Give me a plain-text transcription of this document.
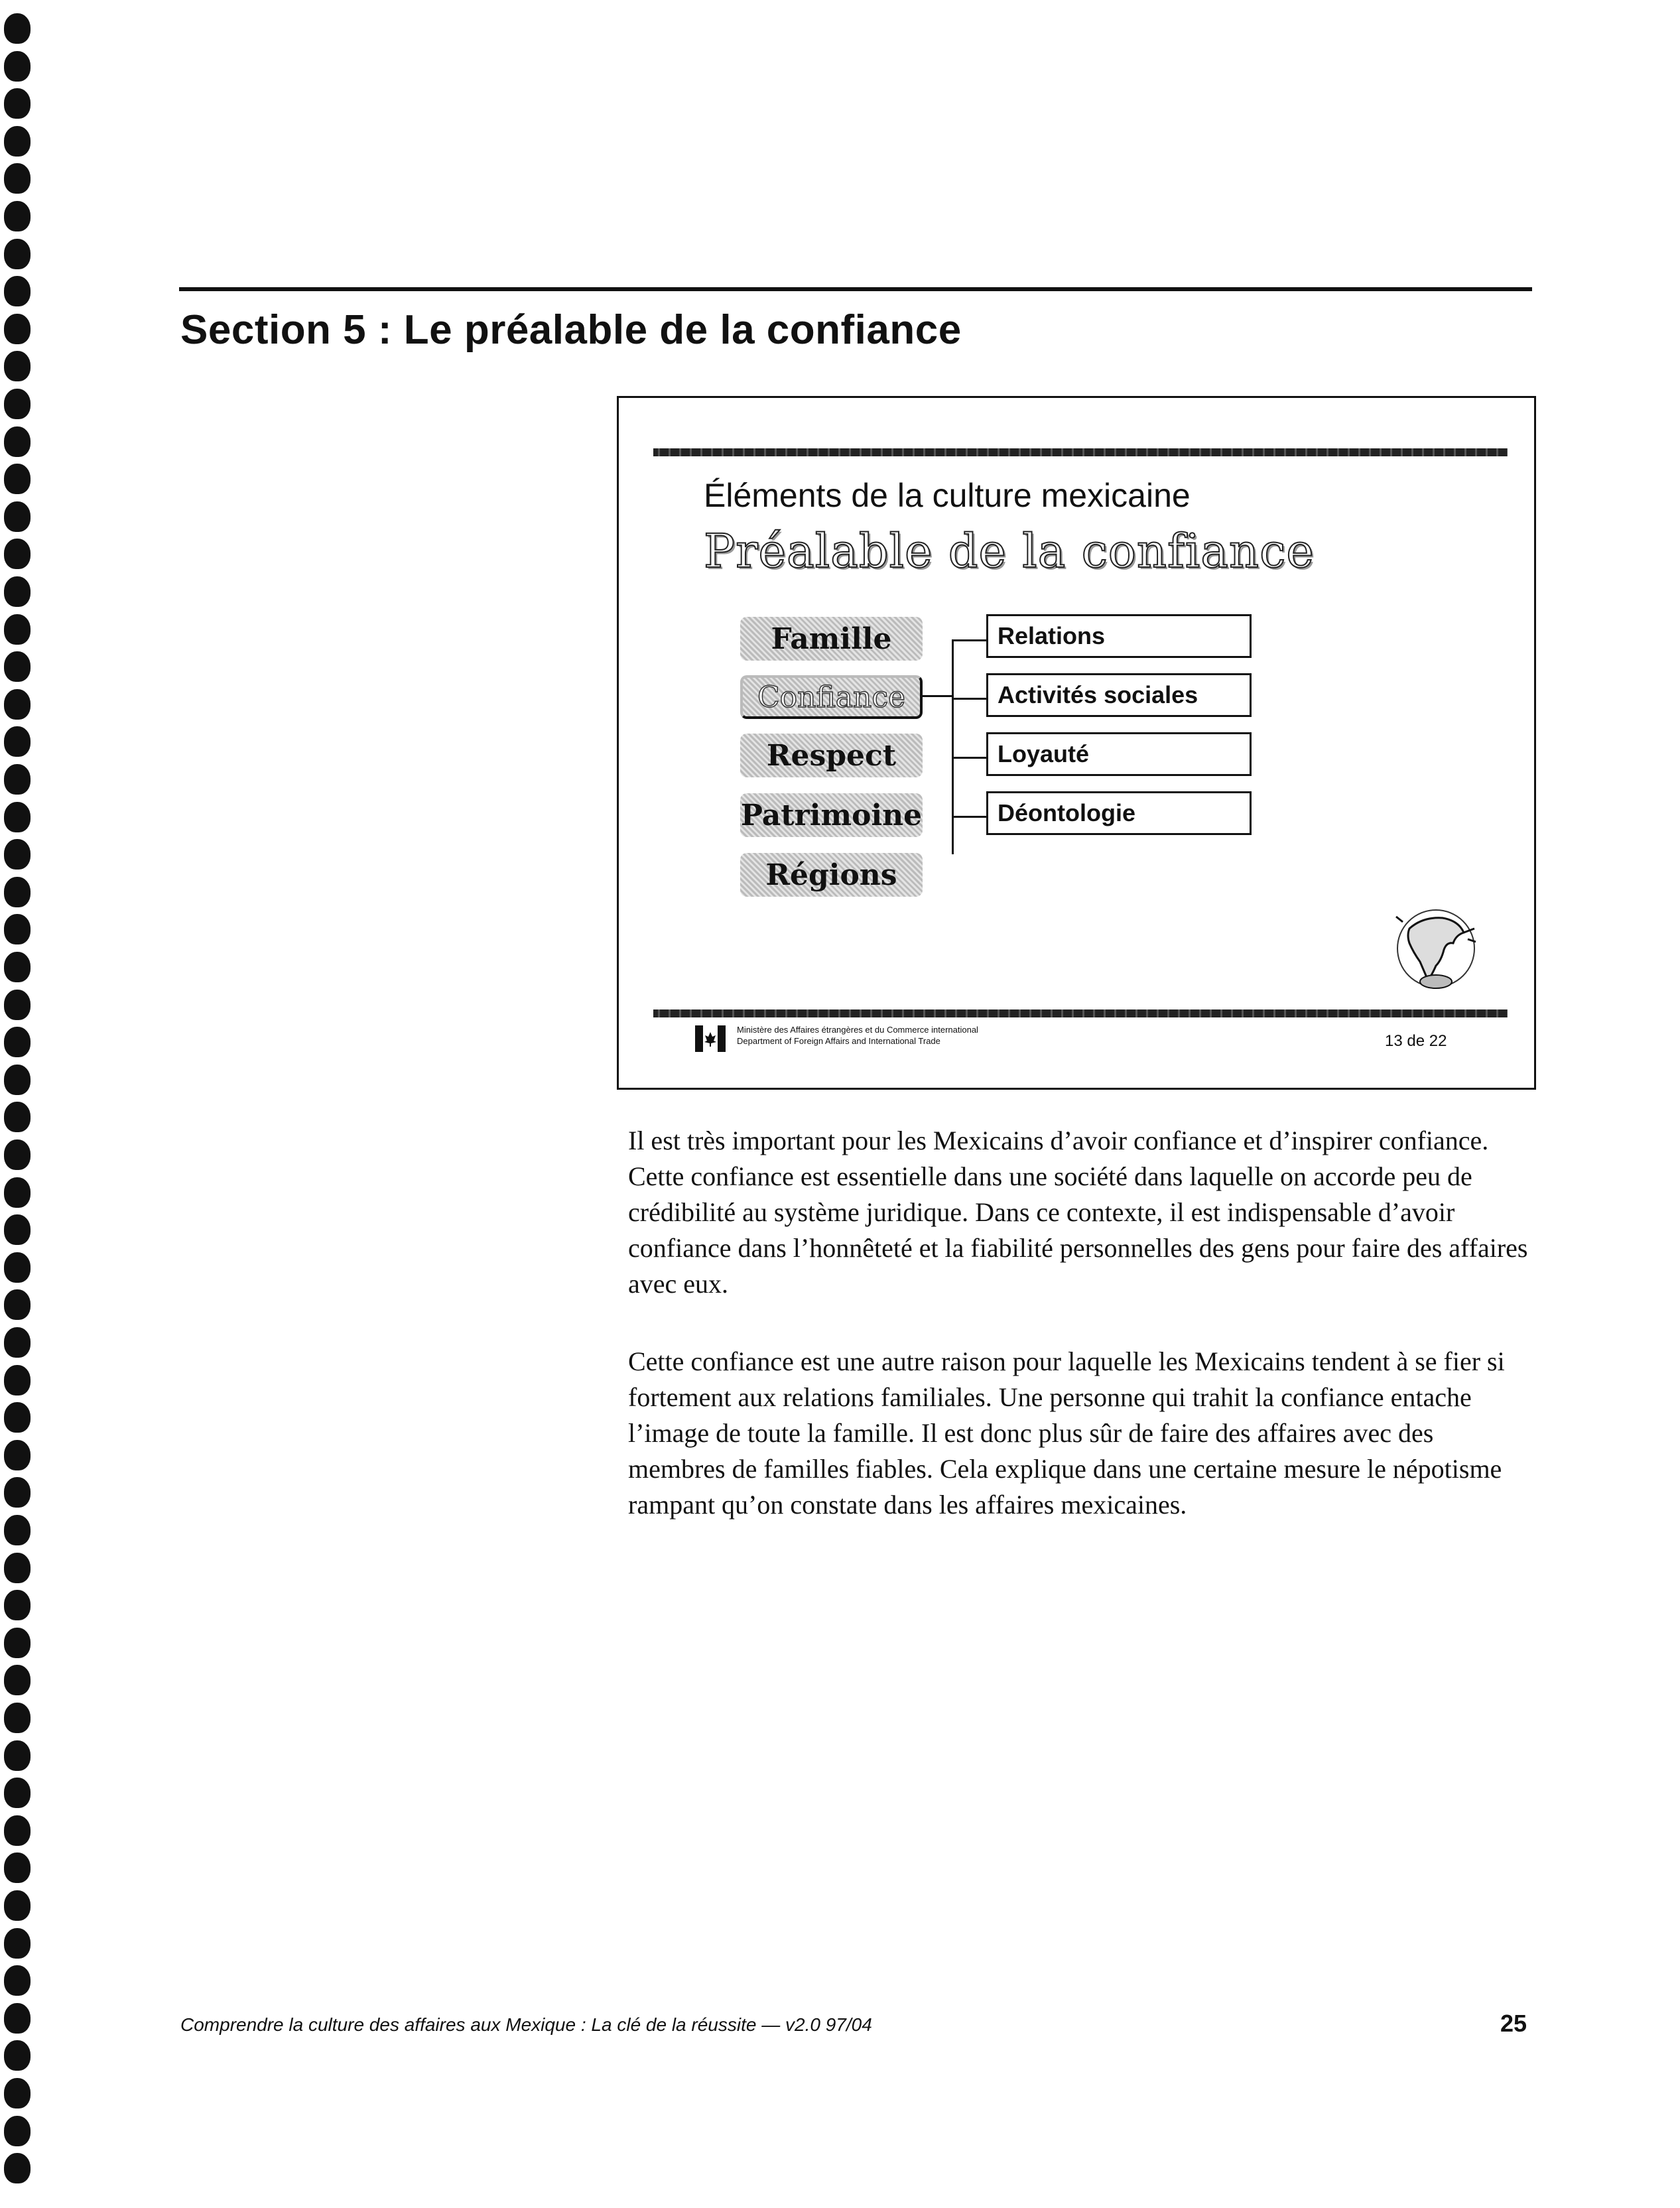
Section 5 : Le préalable de la confiance
Éléments de la culture mexicaine
Préalable de la confiance
Famille
Confiance
Respect
Patrimoine
Régions
Relations
Activités sociales
Loyauté
Déontologie
Ministère des Affaires étrangères et du Commerce international
Department of Foreign Affairs and International Trade	13 de 22

Il est très important pour les Mexicains d’avoir confiance et d’inspirer confiance. Cette confiance est essentielle dans une société dans laquelle on accorde peu de crédibilité au système juridique. Dans ce contexte, il est indispensable d’avoir confiance dans l’honnêteté et la fiabilité personnelles des gens pour faire des affaires avec eux.

Cette confiance est une autre raison pour laquelle les Mexicains tendent à se fier si fortement aux relations familiales. Une personne qui trahit la confiance entache l’image de toute la famille. Il est donc plus sûr de faire des affaires avec des membres de familles fiables. Cela explique dans une certaine mesure le népotisme rampant qu’on constate dans les affaires mexicaines.

Comprendre la culture des affaires aux Mexique : La clé de la réussite — v2.0 97/04	25
